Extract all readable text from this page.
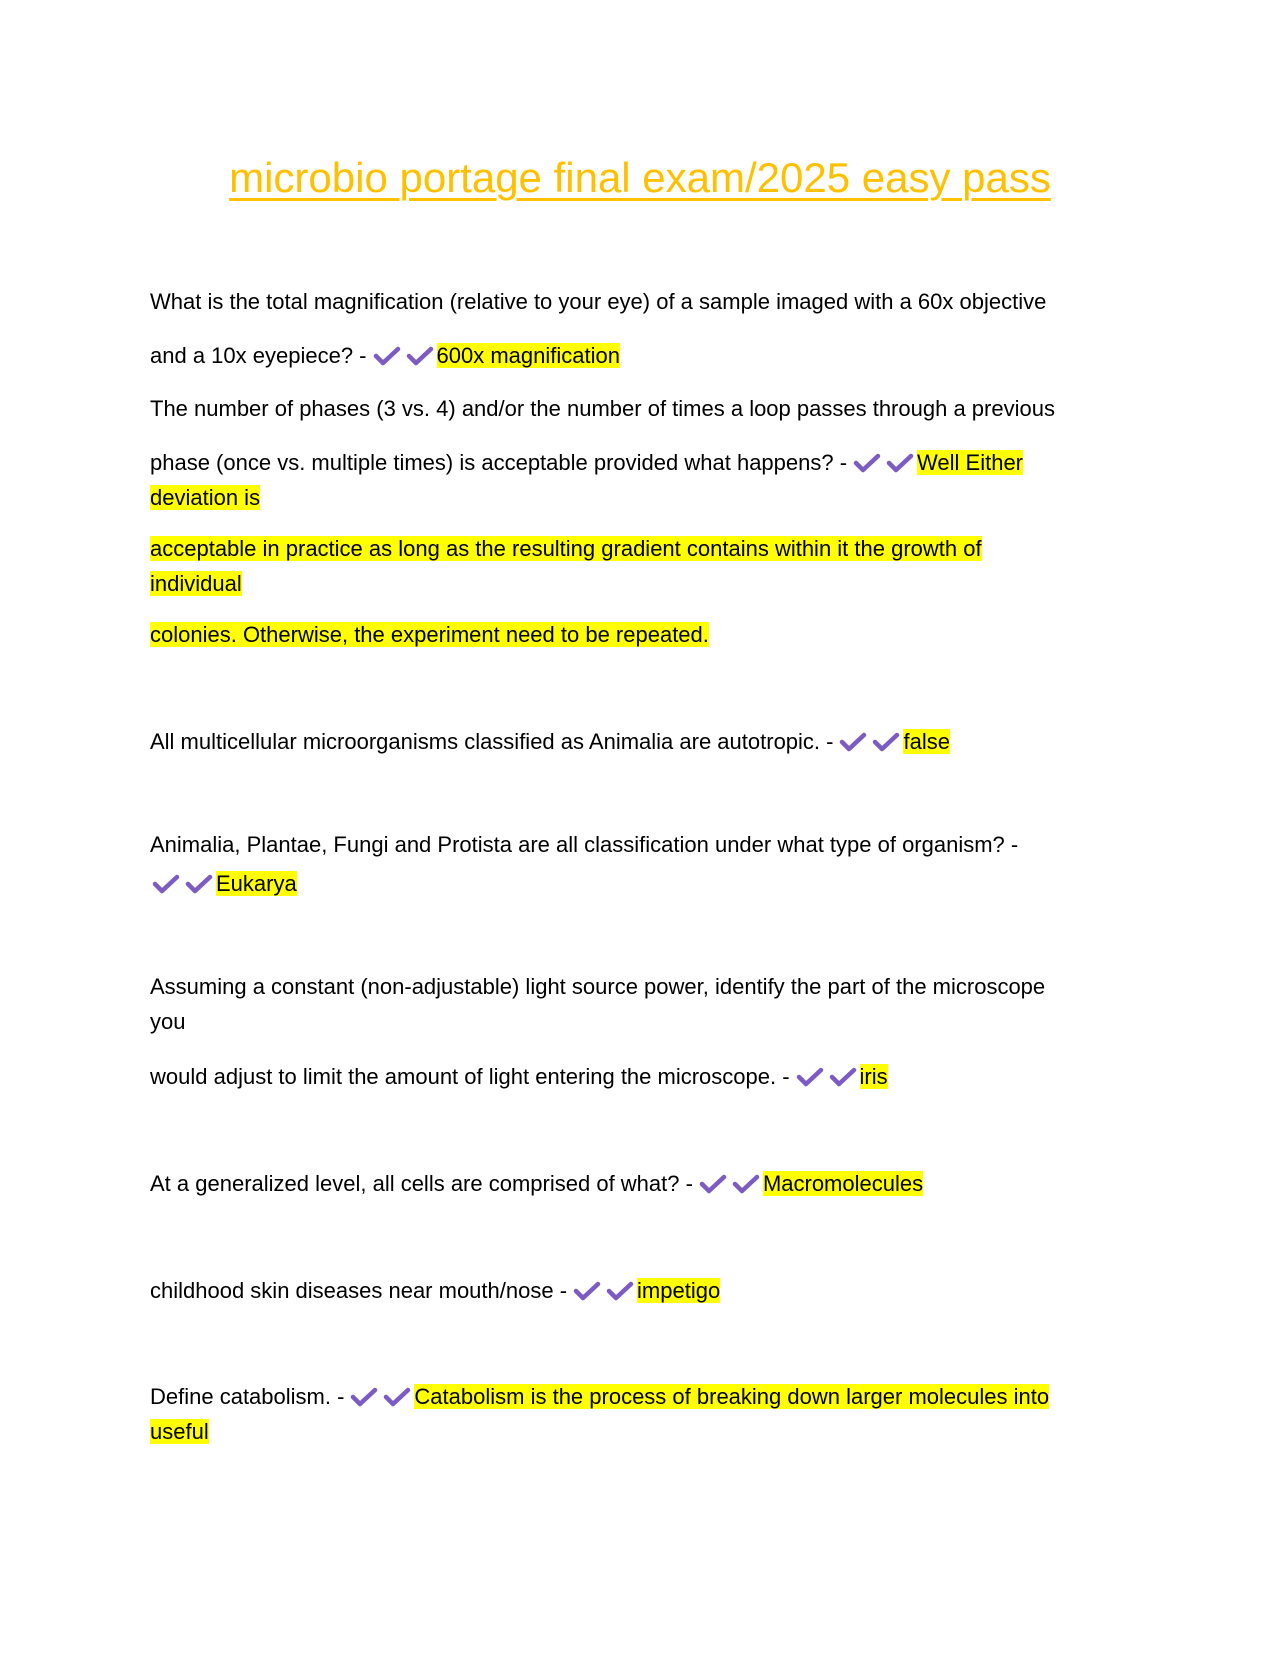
microbio portage final exam/2025 easy pass
What is the total magnification (relative to your eye) of a sample imaged with a 60x objective
and a 10x eyepiece? -	600x magnification
The number of phases (3 vs. 4) and/or the number of times a loop passes through a previous
phase (once vs. multiple times) is acceptable provided what happens? -	Well Either
deviation is
acceptable in practice as long as the resulting gradient contains within it the growth of
individual
colonies. Otherwise, the experiment need to be repeated.
All multicellular microorganisms classified as Animalia are autotropic. -	false
Animalia, Plantae, Fungi and Protista are all classification under what type of organism? -
Eukarya
Assuming a constant (non-adjustable) light source power, identify the part of the microscope
you
would adjust to limit the amount of light entering the microscope. -	iris
At a generalized level, all cells are comprised of what? -	Macromolecules
childhood skin diseases near mouth/nose -	impetigo
Define catabolism. -	Catabolism is the process of breaking down larger molecules into
useful
